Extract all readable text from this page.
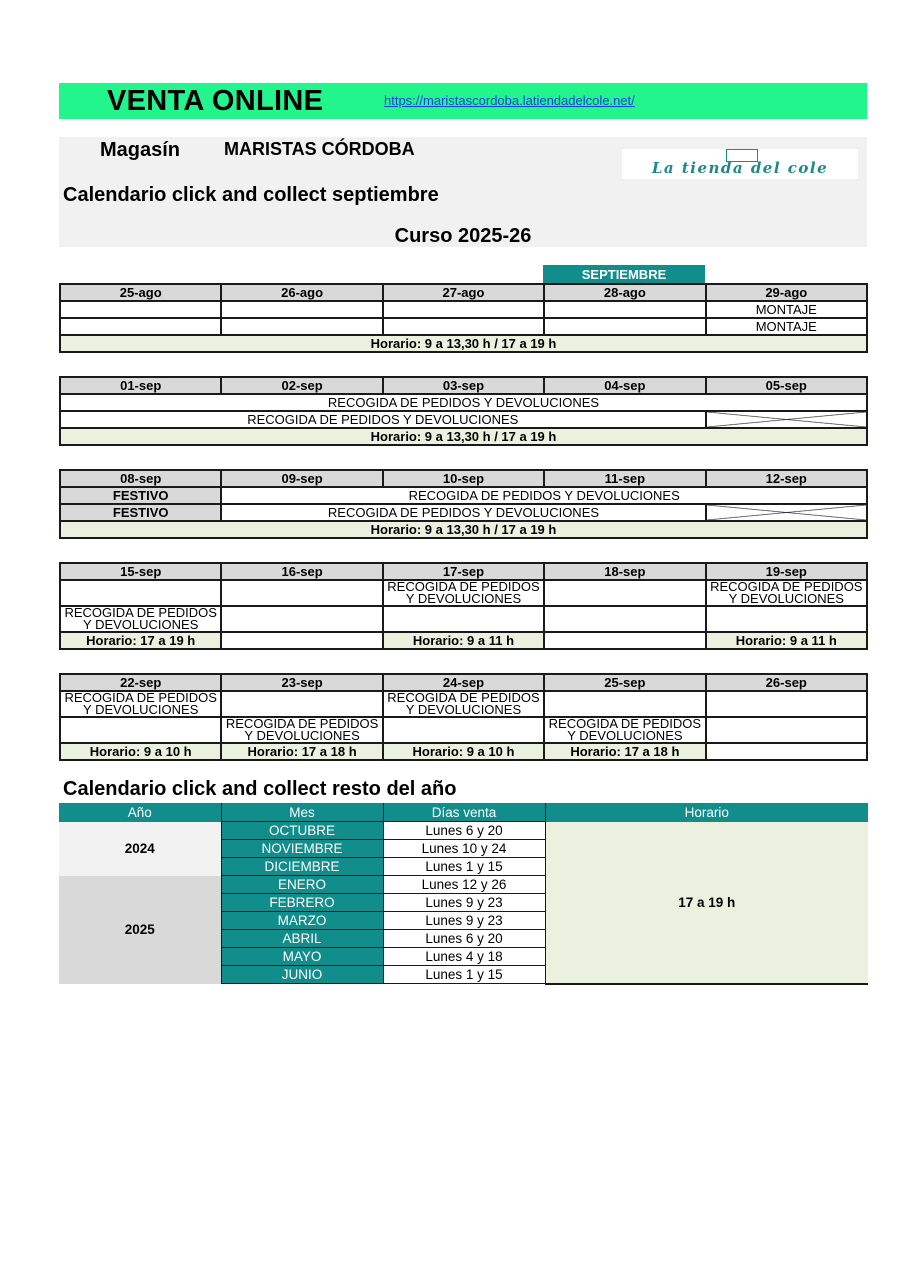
VENTA ONLINE	https://maristascordoba.latiendadelcole.net/
Magasín MARISTAS CÓRDOBA
La tienda del cole
Calendario click and collect septiembre
Curso 2025-26
SEPTIEMBRE
25-ago	26-ago	27-ago	28-ago	29-ago
				MONTAJE
				MONTAJE
Horario: 9 a 13,30 h / 17 a 19 h				
01-sep	02-sep	03-sep	04-sep	05-sep
RECOGIDA DE PEDIDOS Y DEVOLUCIONES				
RECOGIDA DE PEDIDOS Y DEVOLUCIONES				
Horario: 9 a 13,30 h / 17 a 19 h				
08-sep	09-sep	10-sep	11-sep	12-sep
FESTIVO	RECOGIDA DE PEDIDOS Y DEVOLUCIONES			
FESTIVO	RECOGIDA DE PEDIDOS Y DEVOLUCIONES			
Horario: 9 a 13,30 h / 17 a 19 h				
15-sep	16-sep	17-sep	18-sep	19-sep
		RECOGIDA DE PEDIDOS Y DEVOLUCIONES		RECOGIDA DE PEDIDOS Y DEVOLUCIONES
RECOGIDA DE PEDIDOS Y DEVOLUCIONES				
Horario: 17 a 19 h		Horario: 9 a 11 h		Horario: 9 a 11 h
22-sep	23-sep	24-sep	25-sep	26-sep
RECOGIDA DE PEDIDOS Y DEVOLUCIONES		RECOGIDA DE PEDIDOS Y DEVOLUCIONES		
	RECOGIDA DE PEDIDOS Y DEVOLUCIONES		RECOGIDA DE PEDIDOS Y DEVOLUCIONES	
Horario: 9 a 10 h	Horario: 17 a 18 h	Horario: 9 a 10 h	Horario: 17 a 18 h	
Calendario click and collect resto del año
Año	Mes	Días venta	Horario
2024	OCTUBRE	Lunes 6 y 20	17 a 19 h
	NOVIEMBRE	Lunes 10 y 24	
	DICIEMBRE	Lunes 1 y 15	
2025	ENERO	Lunes 12 y 26	
	FEBRERO	Lunes 9 y 23	
	MARZO	Lunes 9 y 23	
	ABRIL	Lunes 6 y 20	
	MAYO	Lunes 4 y 18	
	JUNIO	Lunes 1 y 15	
